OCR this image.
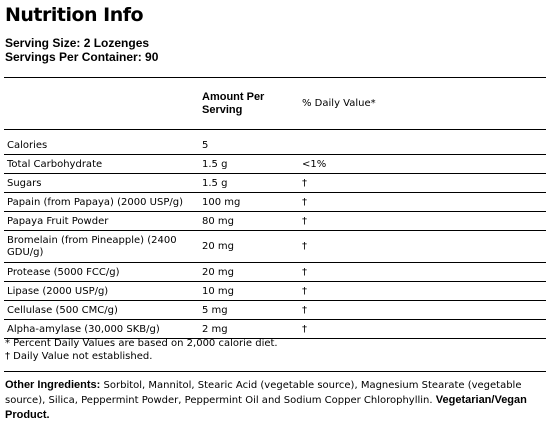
Nutrition Info
Serving Size: 2 Lozenges
Servings Per Container: 90
	Amount Per
Serving	% Daily Value*
Calories	5	
Total Carbohydrate	1.5 g	<1%
Sugars	1.5 g	†
Papain (from Papaya) (2000 USP/g)	100 mg	†
Papaya Fruit Powder	80 mg	†

Bromelain (from Pineapple) (2400 GDU/g)	20 mg	†
Protease (5000 FCC/g)	20 mg	†
Lipase (2000 USP/g)	10 mg	†
Cellulase (500 CMC/g)	5 mg	†
Alpha-amylase (30,000 SKB/g)	2 mg	†
* Percent Daily Values are based on 2,000 calorie diet.
† Daily Value not established.
Other Ingredients: Sorbitol, Mannitol, Stearic Acid (vegetable source), Magnesium Stearate (vegetable source), Silica, Peppermint Powder, Peppermint Oil and Sodium Copper Chlorophyllin. Vegetarian/Vegan Product.
